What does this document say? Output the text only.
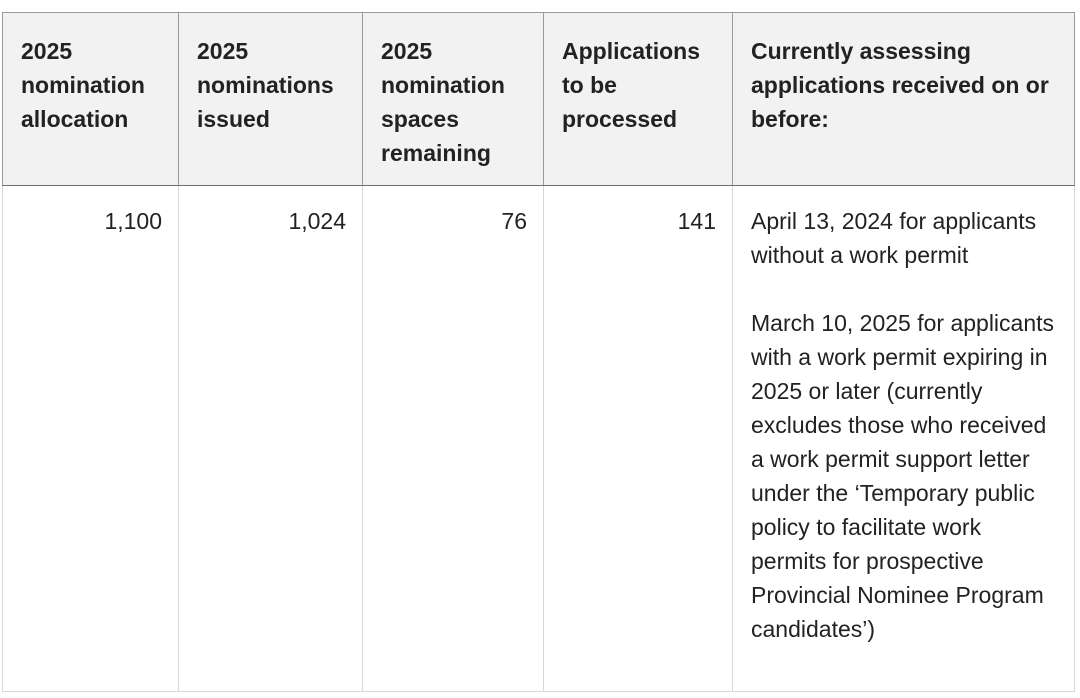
2025 nomination allocation	2025 nominations issued	2025 nomination spaces remaining	Applications to be processed	Currently assessing applications received on or before:
1,100	1,024	76	141	April 13, 2024 for applicants without a work permit

March 10, 2025 for applicants with a work permit expiring in 2025 or later (currently excludes those who received a work permit support letter under the ‘Temporary public policy to facilitate work permits for prospective Provincial Nominee Program candidates’)
